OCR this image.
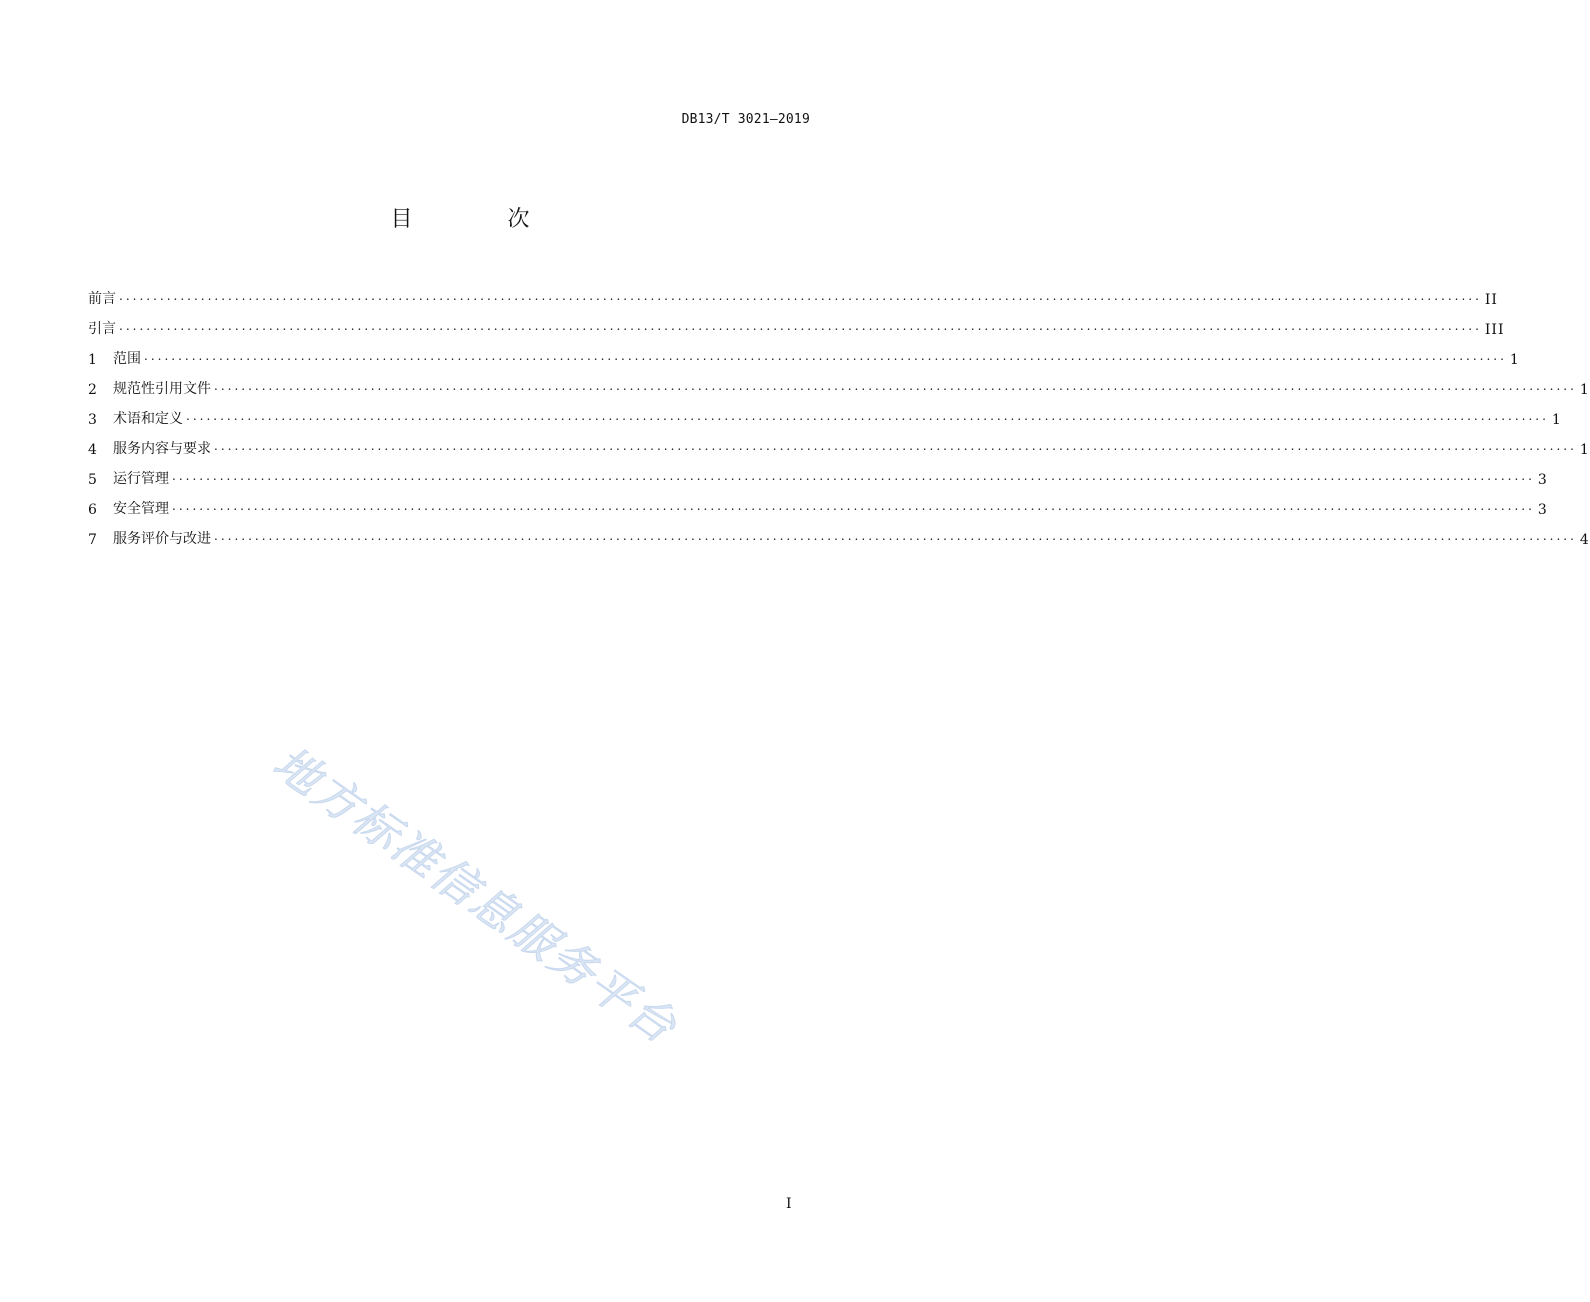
DB13/T 3021—2019
目 次
前言 ........................................................................................................................................................................................................ II
引言 ........................................................................................................................................................................................................ III
1	范围 ........................................................................................................................................................................................................ 1
2	规范性引用文件 ........................................................................................................................................................................................................ 1
3	术语和定义 ........................................................................................................................................................................................................ 1
4	服务内容与要求 ........................................................................................................................................................................................................ 1
5	运行管理 ........................................................................................................................................................................................................ 3
6	安全管理 ........................................................................................................................................................................................................ 3
7	服务评价与改进 ........................................................................................................................................................................................................ 4
地方标准信息服务平台
I
